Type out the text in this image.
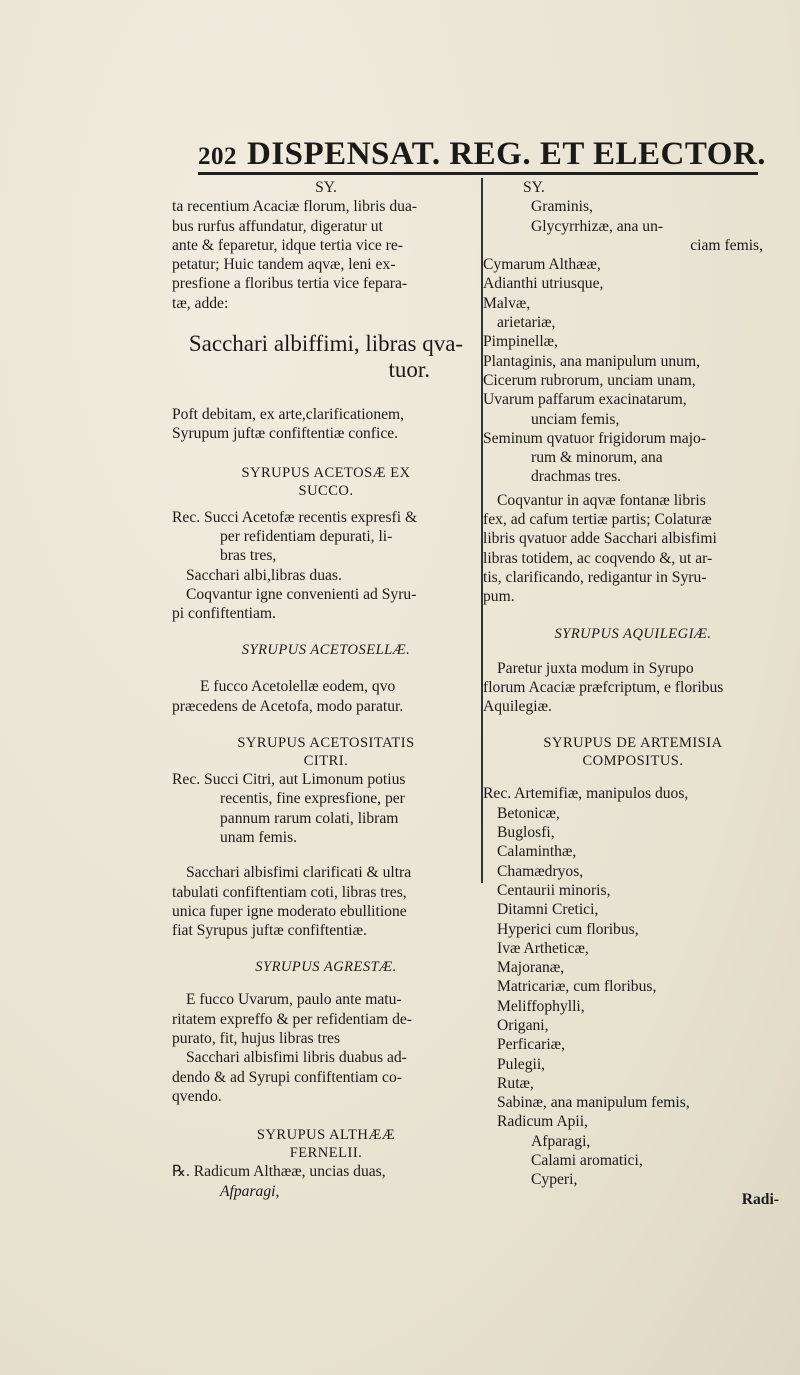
202 DISPENSAT. REG. ET ELECTOR.

SY.

ta recentium Acaciæ florum, libris dua-

bus rurfus affundatur, digeratur ut

ante & feparetur, idque tertia vice re-

petatur; Huic tandem aqvæ, leni ex-

presfione a floribus tertia vice fepara-

tæ, adde:

Sacchari albiffimi, libras qva-

tuor.

Poft debitam, ex arte,clarificationem,

Syrupum juftæ confiftentiæ confice.

SYRUPUS ACETOSÆ EX

SUCCO.

Rec. Succi Acetofæ recentis expresfi &

per refidentiam depurati, li-

bras tres,

Sacchari albi,libras duas.

Coqvantur igne convenienti ad Syru-

pi confiftentiam.

SYRUPUS ACETOSELLÆ.

E fucco Acetolellæ eodem, qvo

præcedens de Acetofa, modo paratur.

SYRUPUS ACETOSITATIS

CITRI.

Rec. Succi Citri, aut Limonum potius

recentis, fine expresfione, per

pannum rarum colati, libram

unam femis.

Sacchari albisfimi clarificati & ultra

tabulati confiftentiam coti, libras tres,

unica fuper igne moderato ebullitione

fiat Syrupus juftæ confiftentiæ.

SYRUPUS AGRESTÆ.

E fucco Uvarum, paulo ante matu-

ritatem expreffo & per refidentiam de-

purato, fit, hujus libras tres

Sacchari albisfimi libris duabus ad-

dendo & ad Syrupi confiftentiam co-

qvendo.

SYRUPUS ALTHÆÆ

FERNELII.

℞. Radicum Althææ, uncias duas,

Afparagi,

SY.

Graminis,

Glycyrrhizæ, ana un-

ciam femis,

Cymarum Althææ,

Adianthi utriusque,

Malvæ,

arietariæ,

Pimpinellæ,

Plantaginis, ana manipulum unum,

Cicerum rubrorum, unciam unam,

Uvarum paffarum exacinatarum,

unciam femis,

Seminum qvatuor frigidorum majo-

rum & minorum, ana

drachmas tres.

Coqvantur in aqvæ fontanæ libris

fex, ad cafum tertiæ partis; Colaturæ

libris qvatuor adde Sacchari albisfimi

libras totidem, ac coqvendo &, ut ar-

tis, clarificando, redigantur in Syru-

pum.

SYRUPUS AQUILEGIÆ.

Paretur juxta modum in Syrupo

florum Acaciæ præfcriptum, e floribus

Aquilegiæ.

SYRUPUS DE ARTEMISIA

COMPOSITUS.

Rec. Artemifiæ, manipulos duos,

Betonicæ,

Buglosfi,

Calaminthæ,

Chamædryos,

Centaurii minoris,

Ditamni Cretici,

Hyperici cum floribus,

Ivæ Artheticæ,

Majoranæ,

Matricariæ, cum floribus,

Meliffophylli,

Origani,

Perficariæ,

Pulegii,

Rutæ,

Sabinæ, ana manipulum femis,

Radicum Apii,

Afparagi,

Calami aromatici,

Cyperi,

Radi-
